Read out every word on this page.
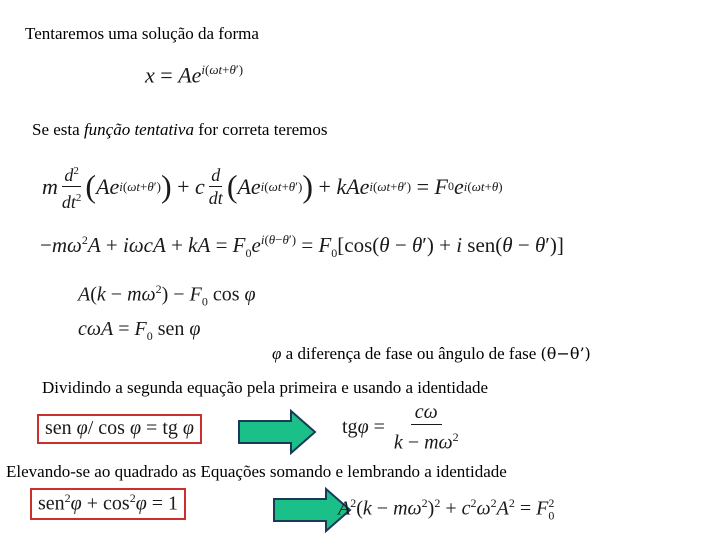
Tentaremos uma solução da forma
$x = Ae^{i(\omega t+\theta')}$
Se esta função tentativa for correta teremos
m $d^2$
$dt^2$ ( Ae i(ωt+θ′) ) + c d
dt ( Ae i(ωt+θ′) ) + kAe i(ωt+θ′) = F 0 e i(ωt+θ)
$-m\omega^2A + i\omega cA$ + kA = $F_0e^{i(\theta-\theta')} = F_0[\cos(\theta - \theta') + i$ sen(θ − θ′)]
$A(k - m\omega^2) - F_0$ cos φ
$c\omega A = F_0$ sen φ
φ a diferença de fase ou ângulo de fase (θ−θ’)
Dividindo a segunda equação pela primeira e usando a identidade
sen φ/ cos φ = tg φ	tg φ =
cω
$k - m\omega^2$
Elevando-se ao quadrado as Equações somando e lembrando a identidade
$sen^2\varphi + \cos^2\varphi = 1$	$A^2(k - m\omega^2)^2 + c^2\omega^2A^2 = F_0^2$
